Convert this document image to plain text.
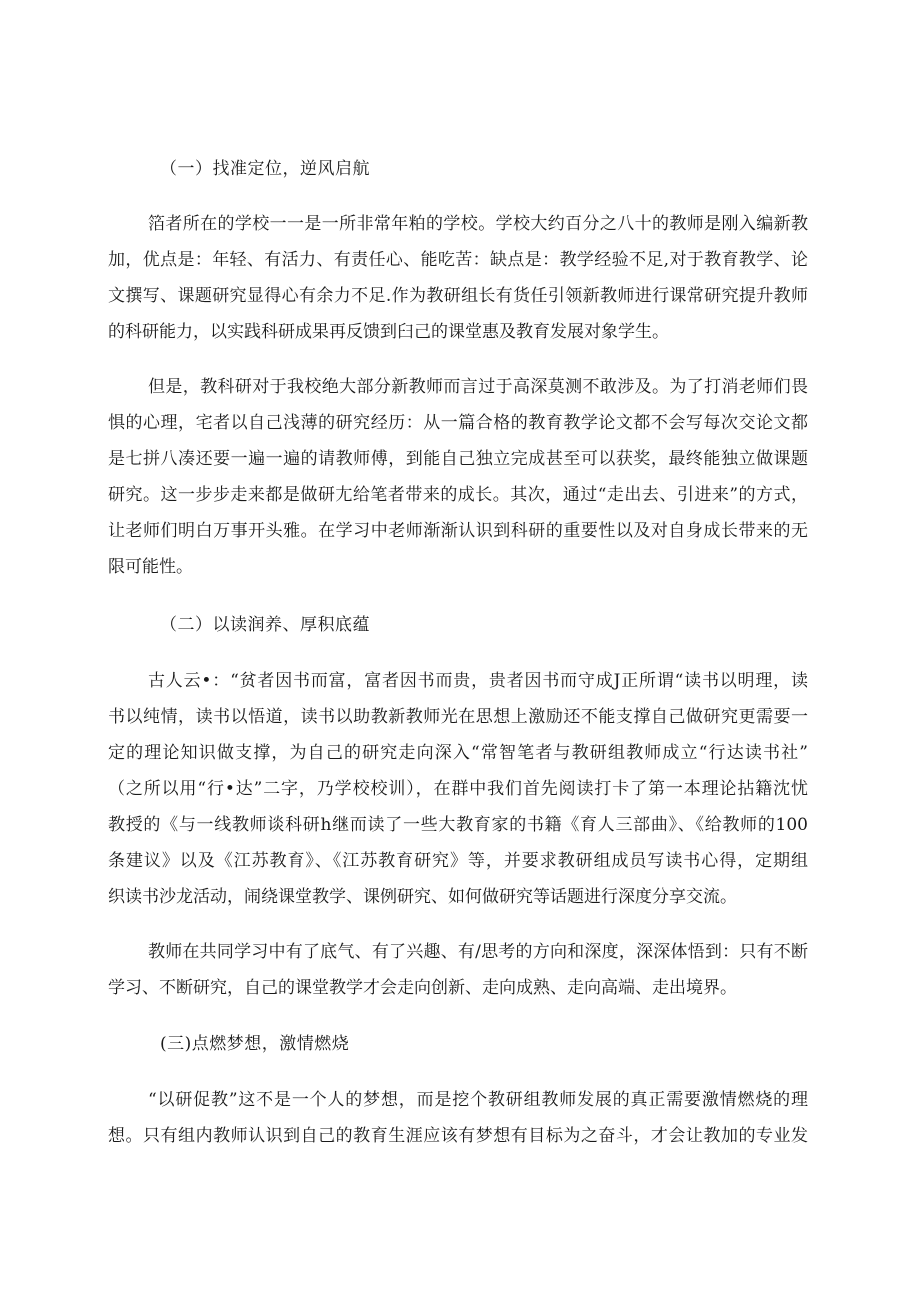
（一）找准定位，逆风启航
箔者所在的学校一一是一所非常年粕的学校。学校大约百分之八十的教师是刚入编新教
加，优点是：年轻、有活力、有责任心、能吃苦：缺点是：教学经验不足,对于教育教学、论
文撰写、课题研究显得心有余力不足.作为教研组长有货任引领新教师进行课常研究提升教师
的科研能力，以实践科研成果再反馈到臼己的课堂惠及教育发展对象学生。
但是，教科研对于我校绝大部分新教师而言过于高深莫测不敢涉及。为了打消老师们畏
惧的心理，宅者以自己浅薄的研究经历：从一篇合格的教育教学论文都不会写每次交论文都
是七拼八凑还要一遍一遍的请教师傅，到能自己独立完成甚至可以获奖，最终能独立做课题
研究。这一步步走来都是做研尢给笔者带来的成长。其次，通过“走出去、引进来”的方式，
让老师们明白万事开头雅。在学习中老师渐渐认识到科研的重要性以及对自身成长带来的无
限可能性。
（二）以读润养、厚积底蕴
古人云•：“贫者因书而富，富者因书而贵，贵者因书而守成J正所谓“读书以明理，读
书以纯情，读书以悟道，读书以助教新教师光在思想上激励还不能支撑自己做研究更需要一
定的理论知识做支撑，为自己的研究走向深入“常智笔者与教研组教师成立“行达读书社”
（之所以用“行•达”二字，乃学校校训），在群中我们首先阅读打卡了第一本理论拈籍沈忧
教授的《与一线教师谈科研h继而读了一些大教育家的书籍《育人三部曲》、《给教师的100
条建议》以及《江苏教育》、《江苏教育研究》等，并要求教研组成员写读书心得，定期组
织读书沙龙活动，闹绕课堂教学、课例研究、如何做研究等话题进行深度分享交流。
教师在共同学习中有了底气、有了兴趣、有/思考的方向和深度，深深体悟到：只有不断
学习、不断研究，自己的课堂教学才会走向创新、走向成熟、走向高端、走出境界。
(三)点燃梦想，激情燃烧
“以研促教”这不是一个人的梦想，而是挖个教研组教师发展的真正需要激情燃烧的理
想。只有组内教师认识到自己的教育生涯应该有梦想有目标为之奋斗，才会让教加的专业发
